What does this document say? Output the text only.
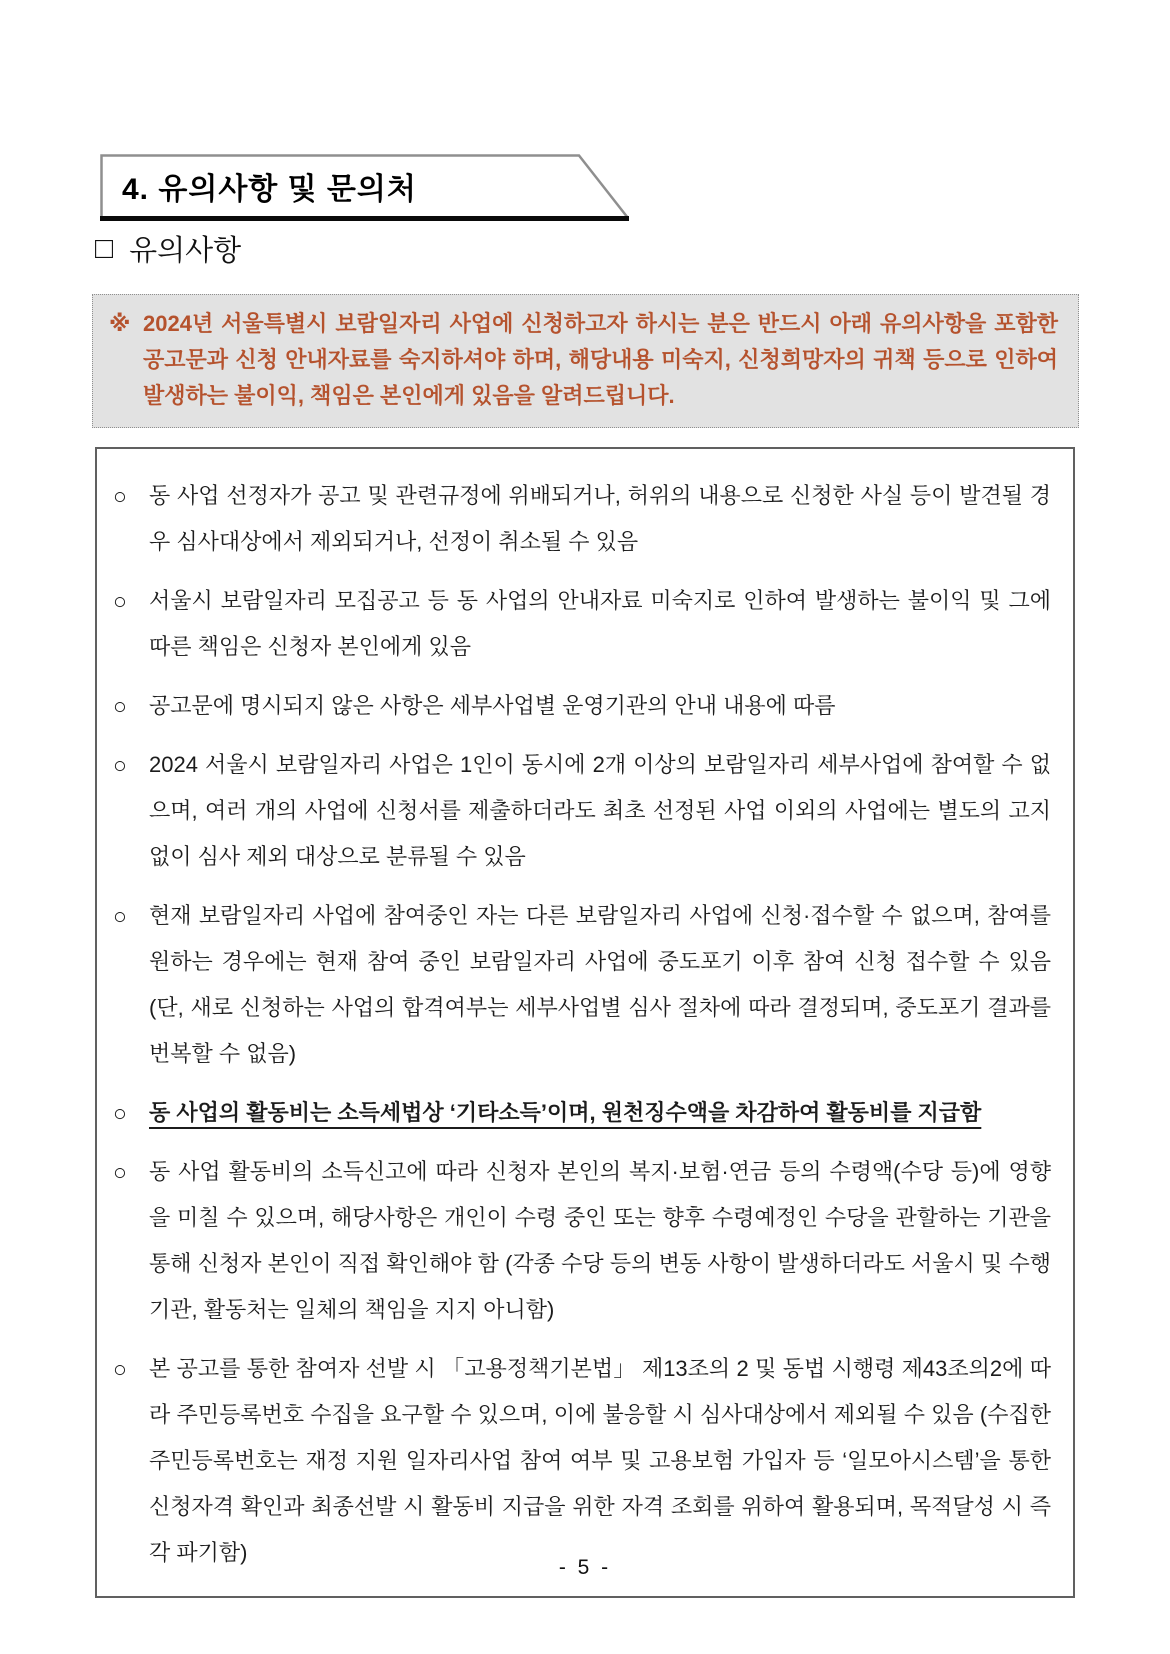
4. 유의사항 및 문의처
□ 유의사항
※ 2024년 서울특별시 보람일자리 사업에 신청하고자 하시는 분은 반드시 아래 유의사항을 포함한 공고문과 신청 안내자료를 숙지하셔야 하며, 해당내용 미숙지, 신청희망자의 귀책 등으로 인하여 발생하는 불이익, 책임은 본인에게 있음을 알려드립니다.
○	동 사업 선정자가 공고 및 관련규정에 위배되거나, 허위의 내용으로 신청한 사실 등이 발견될 경우 심사대상에서 제외되거나, 선정이 취소될 수 있음
○	서울시 보람일자리 모집공고 등 동 사업의 안내자료 미숙지로 인하여 발생하는 불이익 및 그에 따른 책임은 신청자 본인에게 있음
○	공고문에 명시되지 않은 사항은 세부사업별 운영기관의 안내 내용에 따름
○	2024 서울시 보람일자리 사업은 1인이 동시에 2개 이상의 보람일자리 세부사업에 참여할 수 없으며, 여러 개의 사업에 신청서를 제출하더라도 최초 선정된 사업 이외의 사업에는 별도의 고지 없이 심사 제외 대상으로 분류될 수 있음
○	현재 보람일자리 사업에 참여중인 자는 다른 보람일자리 사업에 신청·접수할 수 없으며, 참여를 원하는 경우에는 현재 참여 중인 보람일자리 사업에 중도포기 이후 참여 신청 접수할 수 있음 (단, 새로 신청하는 사업의 합격여부는 세부사업별 심사 절차에 따라 결정되며, 중도포기 결과를 번복할 수 없음)
○	동 사업의 활동비는 소득세법상 ‘기타소득’이며, 원천징수액을 차감하여 활동비를 지급함
○	동 사업 활동비의 소득신고에 따라 신청자 본인의 복지·보험·연금 등의 수령액(수당 등)에 영향을 미칠 수 있으며, 해당사항은 개인이 수령 중인 또는 향후 수령예정인 수당을 관할하는 기관을 통해 신청자 본인이 직접 확인해야 함 (각종 수당 등의 변동 사항이 발생하더라도 서울시 및 수행기관, 활동처는 일체의 책임을 지지 아니함)
○	본 공고를 통한 참여자 선발 시 「고용정책기본법」 제13조의 2 및 동법 시행령 제43조의2에 따라 주민등록번호 수집을 요구할 수 있으며, 이에 불응할 시 심사대상에서 제외될 수 있음 (수집한 주민등록번호는 재정 지원 일자리사업 참여 여부 및 고용보험 가입자 등 ‘일모아시스템’을 통한 신청자격 확인과 최종선발 시 활동비 지급을 위한 자격 조회를 위하여 활용되며, 목적달성 시 즉각 파기함)
- 5 -
